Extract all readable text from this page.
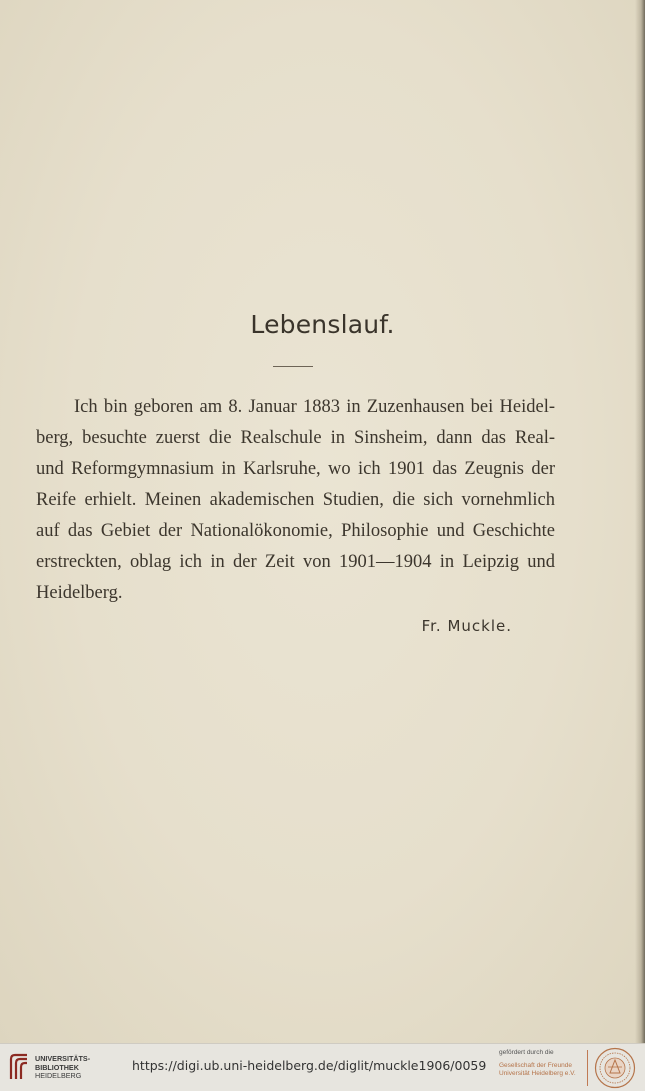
Lebenslauf.
Ich bin geboren am 8. Januar 1883 in Zuzenhausen bei Heidel-
berg, besuchte zuerst die Realschule in Sinsheim, dann das Real-
und Reformgymnasium in Karlsruhe, wo ich 1901 das Zeugnis der
Reife erhielt. Meinen akademischen Studien, die sich vornehmlich
auf das Gebiet der Nationalökonomie, Philosophie und Geschichte
erstreckten, oblag ich in der Zeit von 1901—1904 in Leipzig und
Heidelberg.
Fr. Muckle.
UNIVERSITÄTS-
BIBLIOTHEK
HEIDELBERG
https://digi.ub.uni-heidelberg.de/diglit/muckle1906/0059
gefördert durch die
Gesellschaft der Freunde
Universität Heidelberg e.V.
